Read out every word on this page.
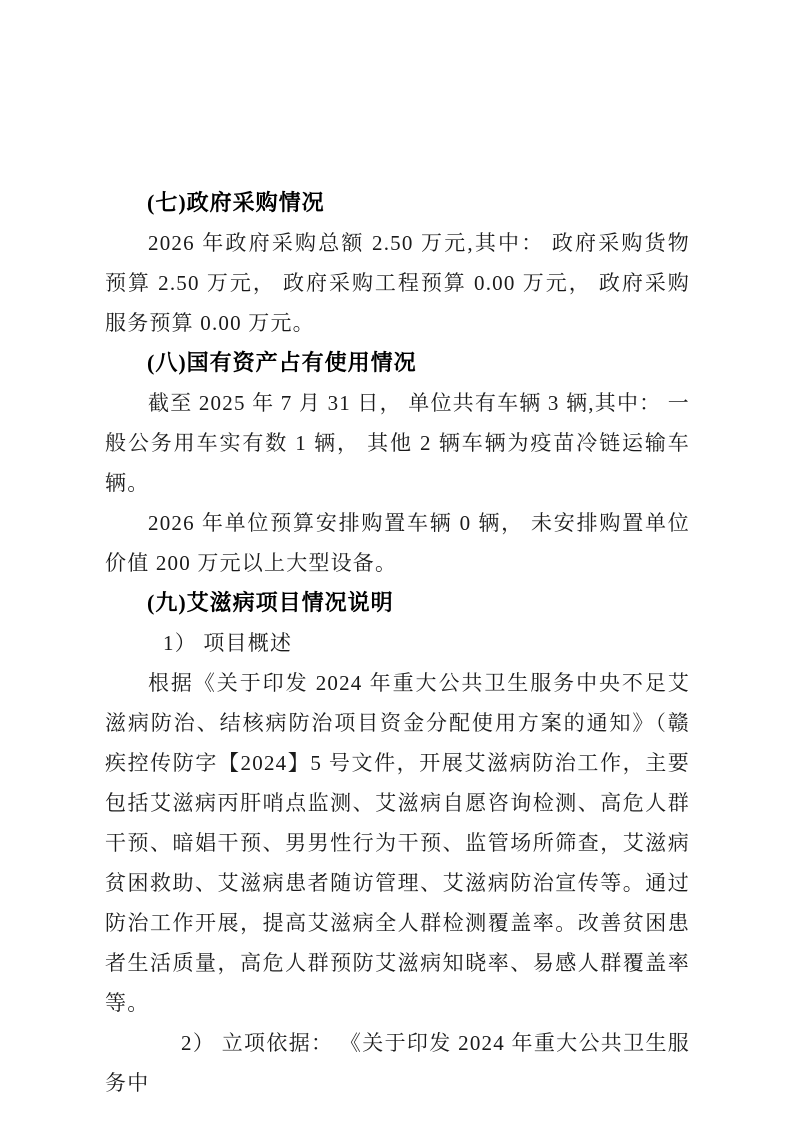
(七)政府采购情况

2026 年政府采购总额 2.50 万元,其中： 政府采购货物预算 2.50 万元， 政府采购工程预算 0.00 万元， 政府采购服务预算 0.00 万元。

(八)国有资产占有使用情况

截至 2025 年 7 月 31 日， 单位共有车辆 3 辆,其中： 一般公务用车实有数 1 辆， 其他 2 辆车辆为疫苗冷链运输车辆。

2026 年单位预算安排购置车辆 0 辆， 未安排购置单位价值 200 万元以上大型设备。

(九)艾滋病项目情况说明

1） 项目概述

根据《关于印发 2024 年重大公共卫生服务中央不足艾滋病防治、结核病防治项目资金分配使用方案的通知》（赣疾控传防字【2024】5 号文件，开展艾滋病防治工作，主要包括艾滋病丙肝哨点监测、艾滋病自愿咨询检测、高危人群干预、暗娼干预、男男性行为干预、监管场所筛查，艾滋病贫困救助、艾滋病患者随访管理、艾滋病防治宣传等。通过防治工作开展，提高艾滋病全人群检测覆盖率。改善贫困患者生活质量，高危人群预防艾滋病知晓率、易感人群覆盖率等。

2） 立项依据： 《关于印发 2024 年重大公共卫生服务中
